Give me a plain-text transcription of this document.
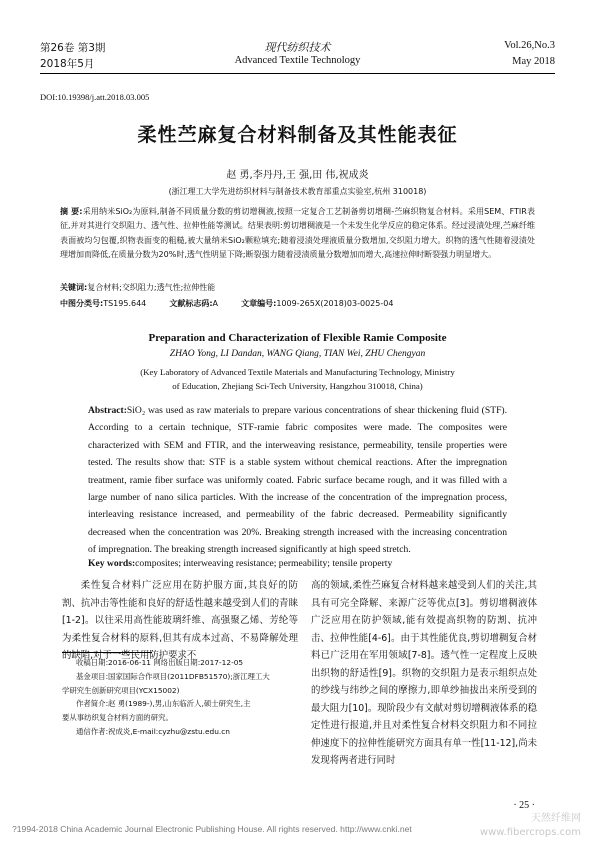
第26卷 第3期
2018年5月
现代纺织技术
Advanced Textile Technology
Vol.26,No.3
May 2018
DOI:10.19398/j.att.2018.03.005
柔性苎麻复合材料制备及其性能表征
赵 勇,李丹丹,王 强,田 伟,祝成炎
(浙江理工大学先进纺织材料与制备技术教育部重点实验室,杭州 310018)
摘 要:采用纳米SiO₂为原料,制备不同质量分数的剪切增稠液,按照一定复合工艺制备剪切增稠-苎麻织物复合材料。采用SEM、FTIR表征,并对其进行交织阻力、透气性、拉伸性能等测试。结果表明:剪切增稠液是一个未发生化学反应的稳定体系。经过浸渍处理,苎麻纤维表面被均匀包覆,织物表面变的粗糙,被大量纳米SiO₂颗粒填充;随着浸渍处理液质量分数增加,交织阻力增大。织物的透气性随着浸渍处理增加而降低,在质量分数为20%时,透气性明显下降;断裂强力随着浸渍质量分数增加而增大,高速拉伸时断裂强力明显增大。
关键词:复合材料;交织阻力;透气性;拉伸性能
中图分类号:TS195.644	文献标志码:A	文章编号:1009-265X(2018)03-0025-04
Preparation and Characterization of Flexible Ramie Composite
ZHAO Yong, LI Dandan, WANG Qiang, TIAN Wei, ZHU Chengyan
(Key Laboratory of Advanced Textile Materials and Manufacturing Technology, Ministry
of Education, Zhejiang Sci-Tech University, Hangzhou 310018, China)
Abstract:SiO₂ was used as raw materials to prepare various concentrations of shear thickening fluid (STF). According to a certain technique, STF-ramie fabric composites were made. The composites were characterized with SEM and FTIR, and the interweaving resistance, permeability, tensile properties were tested. The results show that: STF is a stable system without chemical reactions. After the impregnation treatment, ramie fiber surface was uniformly coated. Fabric surface became rough, and it was filled with a large number of nano silica particles. With the increase of the concentration of the impregnation process, interleaving resistance increased, and permeability of the fabric decreased. Permeability significantly decreased when the concentration was 20%. Breaking strength increased with the increasing concentration of impregnation. The breaking strength increased significantly at high speed stretch.
Key words:composites; interweaving resistance; permeability; tensile property
柔性复合材料广泛应用在防护服方面,其良好的防割、抗冲击等性能和良好的舒适性越来越受到人们的青睐[1-2]。以往采用高性能玻璃纤维、高强聚乙烯、芳纶等为柔性复合材料的原料,但其有成本过高、不易降解处理的缺陷,对于一些民用防护要求不
收稿日期:2016-06-11 网络出版日期:2017-12-05
基金项目:国家国际合作项目(2011DFB51570);浙江理工大
学研究生创新研究项目(YCX15002)
作者简介:赵 勇(1989-),男,山东临沂人,硕士研究生,主
要从事纺织复合材料方面的研究。
通信作者:祝成炎,E-mail:cyzhu@zstu.edu.cn
高的领域,柔性苎麻复合材料越来越受到人们的关注,其具有可完全降解、来源广泛等优点[3]。剪切增稠液体广泛应用在防护领域,能有效提高织物的防割、抗冲击、拉伸性能[4-6]。由于其性能优良,剪切增稠复合材料已广泛用在军用领域[7-8]。透气性一定程度上反映出织物的舒适性[9]。织物的交织阻力是表示组织点处的纱线与纬纱之间的摩擦力,即单纱抽拔出来所受到的最大阻力[10]。现阶段少有文献对剪切增稠液体系的稳定性进行报道,并且对柔性复合材料交织阻力和不同拉伸速度下的拉伸性能研究方面具有单一性[11-12],尚未发现将两者进行同时
· 25 ·
?1994-2018 China Academic Journal Electronic Publishing House. All rights reserved. http://www.cnki.net
天然纤维网
www.fibercrops.com
